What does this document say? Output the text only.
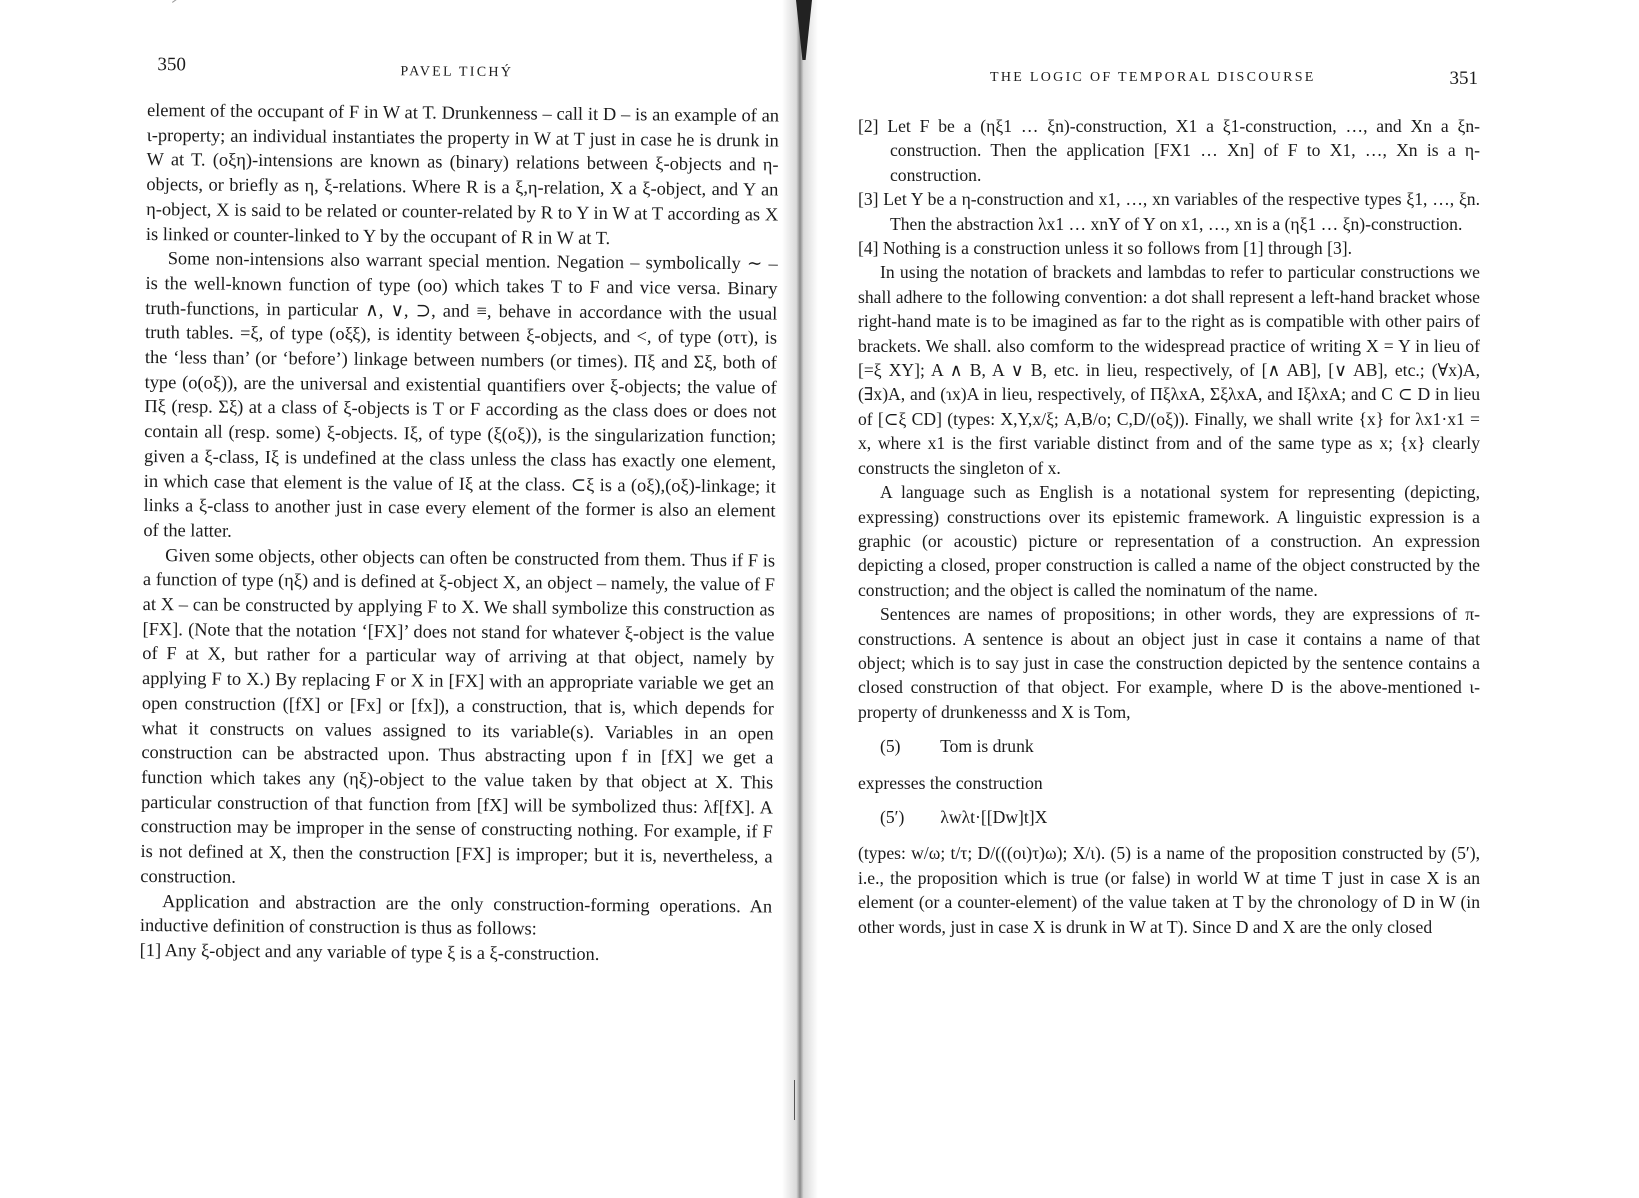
350	PAVEL TICHÝ

element of the occupant of F in W at T. Drunkenness – call it D – is an example of an ι-property; an individual instantiates the property in W at T just in case he is drunk in W at T. (οξη)-intensions are known as (binary) relations between ξ-objects and η-objects, or briefly as η, ξ-relations. Where R is a ξ,η-relation, X a ξ-object, and Y an η-object, X is said to be related or counter-related by R to Y in W at T according as X is linked or counter-linked to Y by the occupant of R in W at T.

Some non-intensions also warrant special mention. Negation – symbolically ∼ – is the well-known function of type (οο) which takes T to F and vice versa. Binary truth-functions, in particular ∧, ∨, ⊃, and ≡, behave in accordance with the usual truth tables. =ξ, of type (οξξ), is identity between ξ-objects, and <, of type (οττ), is the ‘less than’ (or ‘before’) linkage between numbers (or times). Πξ and Σξ, both of type (ο(οξ)), are the universal and existential quantifiers over ξ-objects; the value of Πξ (resp. Σξ) at a class of ξ-objects is T or F according as the class does or does not contain all (resp. some) ξ-objects. Iξ, of type (ξ(οξ)), is the singularization function; given a ξ-class, Iξ is undefined at the class unless the class has exactly one element, in which case that element is the value of Iξ at the class. ⊂ξ is a (οξ),(οξ)-linkage; it links a ξ-class to another just in case every element of the former is also an element of the latter.

Given some objects, other objects can often be constructed from them. Thus if F is a function of type (ηξ) and is defined at ξ-object X, an object – namely, the value of F at X – can be constructed by applying F to X. We shall symbolize this construction as [FX]. (Note that the notation ‘[FX]’ does not stand for whatever ξ-object is the value of F at X, but rather for a particular way of arriving at that object, namely by applying F to X.) By replacing F or X in [FX] with an appropriate variable we get an open construction ([fX] or [Fx] or [fx]), a construction, that is, which depends for what it constructs on values assigned to its variable(s). Variables in an open construction can be abstracted upon. Thus abstracting upon f in [fX] we get a function which takes any (ηξ)-object to the value taken by that object at X. This particular construction of that function from [fX] will be symbolized thus: λf[fX]. A construction may be improper in the sense of constructing nothing. For example, if F is not defined at X, then the construction [FX] is improper; but it is, nevertheless, a construction.

Application and abstraction are the only construction-forming operations. An inductive definition of construction is thus as follows:

[1] Any ξ-object and any variable of type ξ is a ξ-construction.

THE LOGIC OF TEMPORAL DISCOURSE	351

[2] Let F be a (ηξ1 … ξn)-construction, X1 a ξ1-construction, …, and Xn a ξn-construction. Then the application [FX1 … Xn] of F to X1, …, Xn is a η-construction.

[3] Let Y be a η-construction and x1, …, xn variables of the respective types ξ1, …, ξn. Then the abstraction λx1 … xnY of Y on x1, …, xn is a (ηξ1 … ξn)-construction.

[4] Nothing is a construction unless it so follows from [1] through [3].

In using the notation of brackets and lambdas to refer to particular constructions we shall adhere to the following convention: a dot shall represent a left-hand bracket whose right-hand mate is to be imagined as far to the right as is compatible with other pairs of brackets. We shall. also comform to the widespread practice of writing X = Y in lieu of [=ξ XY]; A ∧ B, A ∨ B, etc. in lieu, respectively, of [∧ AB], [∨ AB], etc.; (∀x)A, (∃x)A, and (ɿx)A in lieu, respectively, of ΠξλxA, ΣξλxA, and IξλxA; and C ⊂ D in lieu of [⊂ξ CD] (types: X,Y,x/ξ; A,B/ο; C,D/(οξ)). Finally, we shall write {x} for λx1·x1 = x, where x1 is the first variable distinct from and of the same type as x; {x} clearly constructs the singleton of x.

A language such as English is a notational system for representing (depicting, expressing) constructions over its epistemic framework. A linguistic expression is a graphic (or acoustic) picture or representation of a construction. An expression depicting a closed, proper construction is called a name of the object constructed by the construction; and the object is called the nominatum of the name.

Sentences are names of propositions; in other words, they are expressions of π-constructions. A sentence is about an object just in case it contains a name of that object; which is to say just in case the construction depicted by the sentence contains a closed construction of that object. For example, where D is the above-mentioned ι-property of drunkenesss and X is Tom,

(5) Tom is drunk

expresses the construction

(5′) λwλt·[[Dw]t]X

(types: w/ω; t/τ; D/(((οι)τ)ω); X/ι). (5) is a name of the proposition constructed by (5′), i.e., the proposition which is true (or false) in world W at time T just in case X is an element (or a counter-element) of the value taken at T by the chronology of D in W (in other words, just in case X is drunk in W at T). Since D and X are the only closed
